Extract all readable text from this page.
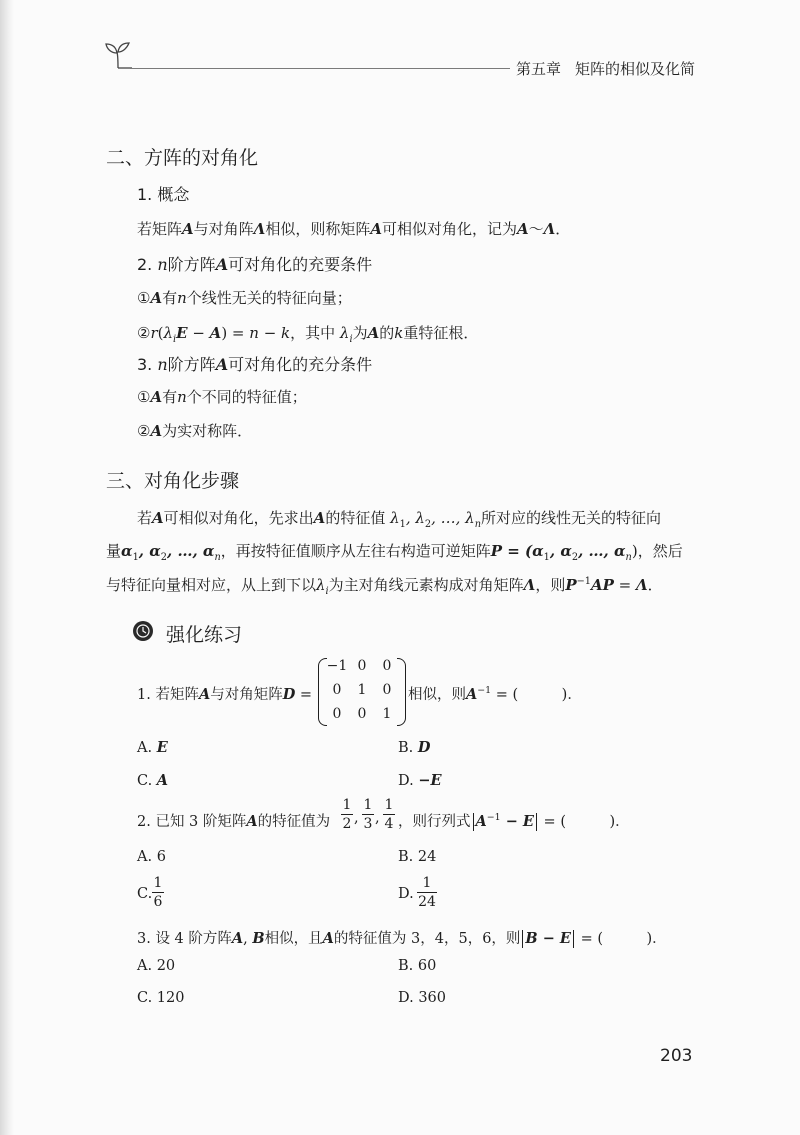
第五章 矩阵的相似及化简
二、方阵的对角化
1. 概念
若矩阵A与对角阵Λ相似，则称矩阵A可相似对角化，记为A～Λ．
2. n阶方阵A可对角化的充要条件
①A有n个线性无关的特征向量；
$②r(\lambda_iE - A) = n - k$，其中 $\lambda_i$为A的k重特征根．
3. n阶方阵A可对角化的充分条件
①A有n个不同的特征值；
②A为实对称阵．
三、对角化步骤
若A可相似对角化，先求出A的特征值 $\lambda_1$, $\lambda_2$, …, $\lambda_n$所对应的线性无关的特征向
量$\alpha_1$, $\alpha_2$, …, $\alpha_n$，再按特征值顺序从左往右构造可逆矩阵$P = (\alpha_1$, $\alpha_2$, …, $\alpha_n$)，然后
与特征向量相对应，从上到下以$\lambda_i$为主对角线元素构成对角矩阵Λ，则$P^{-1}AP = \Lambda$．
强化练习
1. 若矩阵A与对角矩阵D =
−1 0	0
0	1	0
0	0	1
相似，则$A^{-1}$ = (　　　)．
A. E	B. D
C. A	D. −E
2. 已知 3 阶矩阵A的特征值为
1
2 ,
1
3 ,
1
4 ，则行列式 $A^{-1} - E$ = (　　　)．
A. 6	B. 24
C.
1
6	D.
1
24
3. 设 4 阶方阵A, B相似，且A的特征值为 3，4，5，6，则 B − E = (　　　)．
A. 20	B. 60
C. 120	D. 360
203
